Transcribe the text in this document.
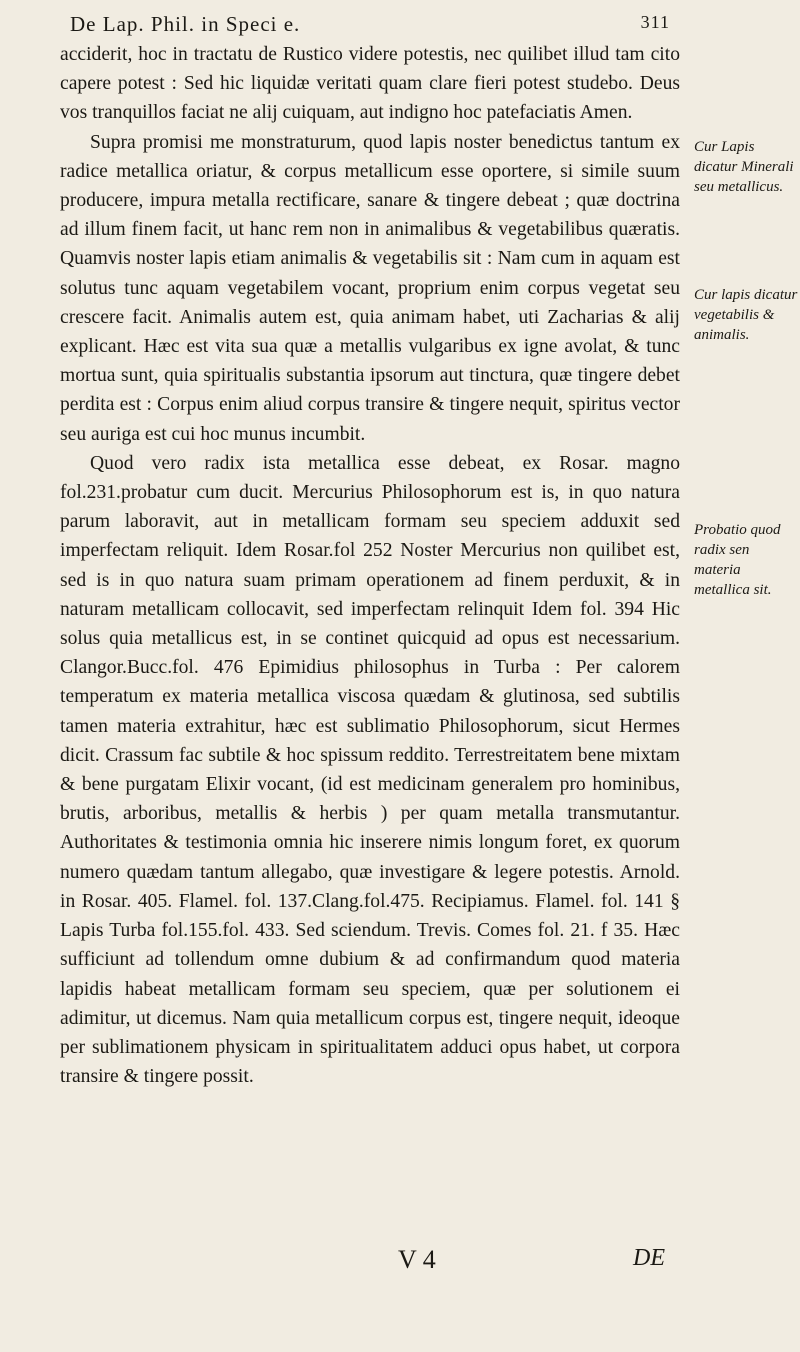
De Lap. Phil. in Speci e.	311

acciderit, hoc in tractatu de Rustico videre potestis, nec quilibet illud tam cito capere potest : Sed hic liquidæ veritati quam clare fieri potest studebo. Deus vos tranquillos faciat ne alij cuiquam, aut indigno hoc patefaciatis Amen.

Supra promisi me monstraturum, quod lapis noster benedictus tantum ex radice metallica oriatur, & corpus metallicum esse oportere, si simile suum producere, impura metalla rectificare, sanare & tingere debeat ; quæ doctrina ad illum finem facit, ut hanc rem non in animalibus & vegetabilibus quæratis. Quamvis noster lapis etiam animalis & vegetabilis sit : Nam cum in aquam est solutus tunc aquam vegetabilem vocant, proprium enim corpus vegetat seu crescere facit. Animalis autem est, quia animam habet, uti Zacharias & alij explicant. Hæc est vita sua quæ a metallis vulgaribus ex igne avolat, & tunc mortua sunt, quia spiritualis substantia ipsorum aut tinctura, quæ tingere debet perdita est : Corpus enim aliud corpus transire & tingere nequit, spiritus vector seu auriga est cui hoc munus incumbit.

Quod vero radix ista metallica esse debeat, ex Rosar. magno fol.231.probatur cum ducit. Mercurius Philosophorum est is, in quo natura parum laboravit, aut in metallicam formam seu speciem adduxit sed imperfectam reliquit. Idem Rosar.fol 252 Noster Mercurius non quilibet est, sed is in quo natura suam primam operationem ad finem perduxit, & in naturam metallicam collocavit, sed imperfectam relinquit Idem fol. 394 Hic solus quia metallicus est, in se continet quicquid ad opus est necessarium. Clangor.Bucc.fol. 476 Epimidius philosophus in Turba : Per calorem temperatum ex materia metallica viscosa quædam & glutinosa, sed subtilis tamen materia extrahitur, hæc est sublimatio Philosophorum, sicut Hermes dicit. Crassum fac subtile & hoc spissum reddito. Terrestreitatem bene mixtam & bene purgatam Elixir vocant, (id est medicinam generalem pro hominibus, brutis, arboribus, metallis & herbis ) per quam metalla transmutantur. Authoritates & testimonia omnia hic inserere nimis longum foret, ex quorum numero quædam tantum allegabo, quæ investigare & legere potestis. Arnold. in Rosar. 405. Flamel. fol. 137.Clang.fol.475. Recipiamus. Flamel. fol. 141 § Lapis Turba fol.155.fol. 433. Sed sciendum. Trevis. Comes fol. 21. f 35. Hæc sufficiunt ad tollendum omne dubium & ad confirmandum quod materia lapidis habeat metallicam formam seu speciem, quæ per solutionem ei adimitur, ut dicemus. Nam quia metallicum corpus est, tingere nequit, ideoque per sublimationem physicam in spiritualitatem adduci opus habet, ut corpora transire & tingere possit.

Cur Lapis dicatur Minerali seu metallicus.
Cur lapis dicatur vegetabilis & animalis.
Probatio quod radix sen materia metallica sit.
V 4	DE
